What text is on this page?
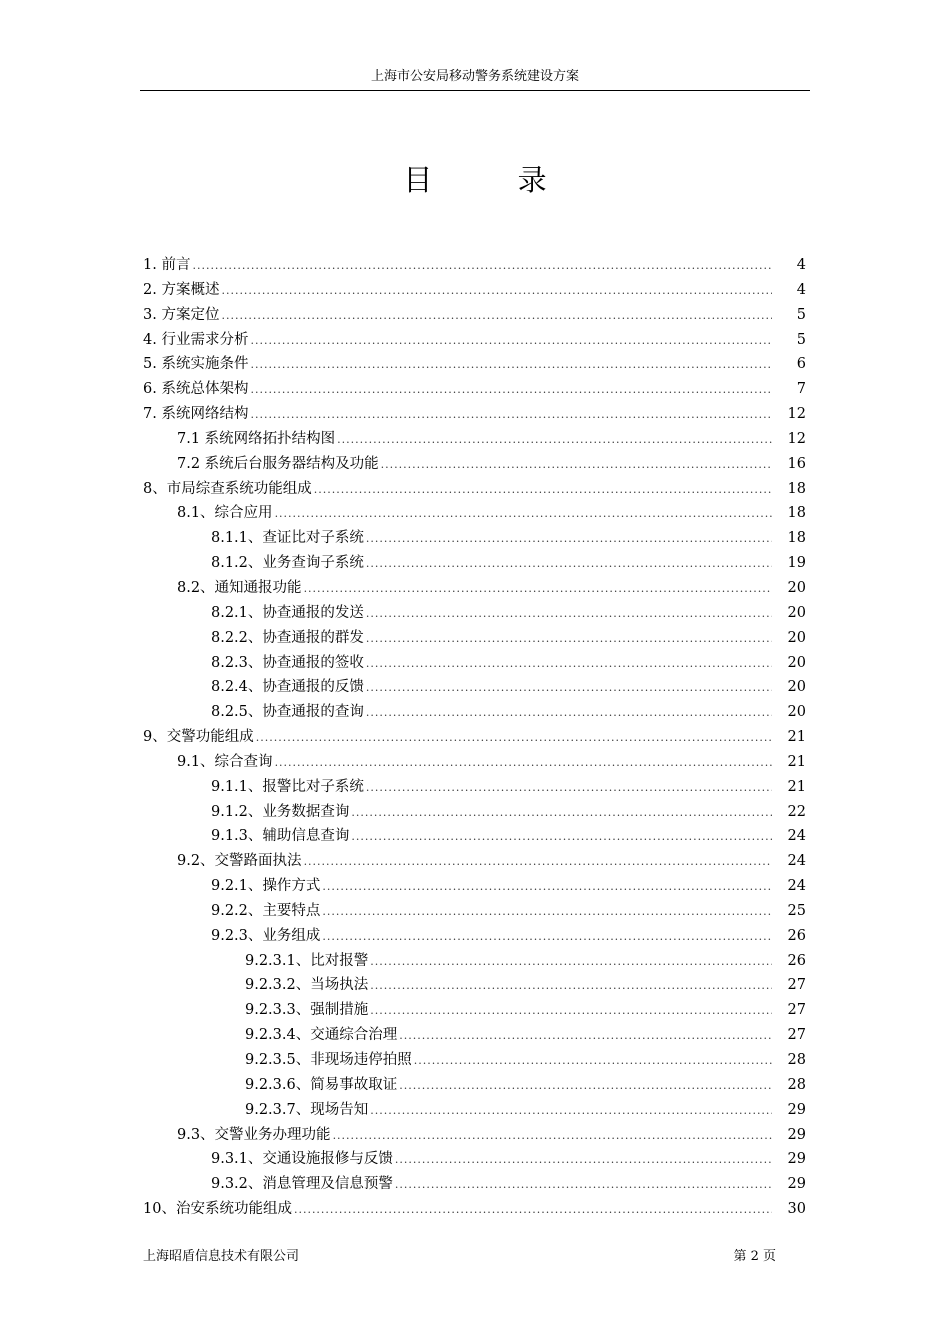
上海市公安局移动警务系统建设方案
目 录
1. 前言 .....	4
2. 方案概述 .....	4
3. 方案定位 .....	5
4. 行业需求分析 .....	5
5. 系统实施条件 .....	6
6. 系统总体架构 .....	7
7. 系统网络结构 .....	12
7.1 系统网络拓扑结构图 .....	12
7.2 系统后台服务器结构及功能 .....	16
8、市局综查系统功能组成 .....	18
8.1、综合应用 .....	18
8.1.1、查证比对子系统 .....	18
8.1.2、业务查询子系统 .....	19
8.2、通知通报功能 .....	20
8.2.1、协查通报的发送 .....	20
8.2.2、协查通报的群发 .....	20
8.2.3、协查通报的签收 .....	20
8.2.4、协查通报的反馈 .....	20
8.2.5、协查通报的查询 .....	20
9、交警功能组成 .....	21
9.1、综合查询 .....	21
9.1.1、报警比对子系统 .....	21
9.1.2、业务数据查询 .....	22
9.1.3、辅助信息查询 .....	24
9.2、交警路面执法 .....	24
9.2.1、操作方式 .....	24
9.2.2、主要特点 .....	25
9.2.3、业务组成 .....	26
9.2.3.1、比对报警 .....	26
9.2.3.2、当场执法 .....	27
9.2.3.3、强制措施 .....	27
9.2.3.4、交通综合治理 .....	27
9.2.3.5、非现场违停拍照 .....	28
9.2.3.6、简易事故取证 .....	28
9.2.3.7、现场告知 .....	29
9.3、交警业务办理功能 .....	29
9.3.1、交通设施报修与反馈 .....	29
9.3.2、消息管理及信息预警 .....	29
10、治安系统功能组成 .....	30
上海昭盾信息技术有限公司	第 2 页
